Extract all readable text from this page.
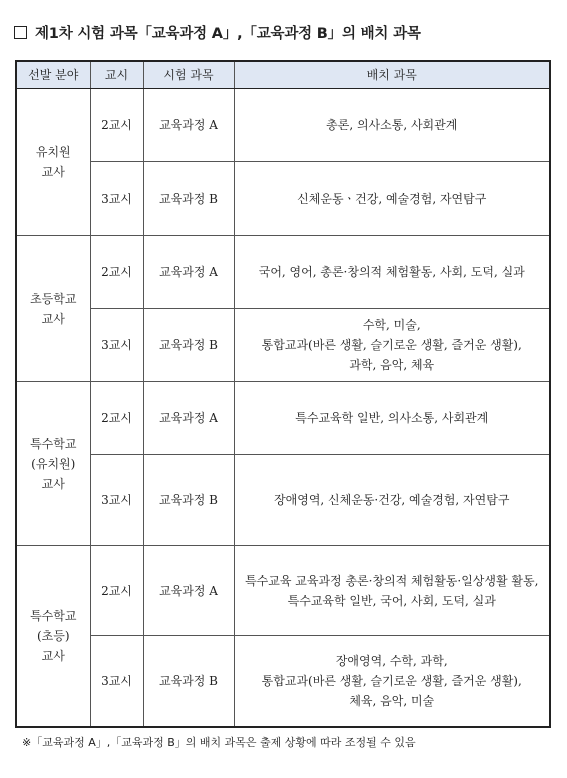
제1차 시험 과목「교육과정 A」,「교육과정 B」의 배치 과목
선발 분야	교시	시험 과목	배치 과목

유치원
교사	2교시	교육과정 A	총론, 의사소통, 사회관계

	3교시	교육과정 B	신체운동ㆍ건강, 예술경험, 자연탐구

초등학교
교사	2교시	교육과정 A	국어, 영어, 총론·창의적 체험활동, 사회, 도덕, 실과

	3교시	교육과정 B	수학, 미술,
통합교과(바른 생활, 슬기로운 생활, 즐거운 생활),
과학, 음악, 체육

특수학교
(유치원)
교사	2교시	교육과정 A	특수교육학 일반, 의사소통, 사회관계

	3교시	교육과정 B	장애영역, 신체운동·건강, 예술경험, 자연탐구

특수학교
(초등)
교사	2교시	교육과정 A	특수교육 교육과정 총론·창의적 체험활동·일상생활 활동,
특수교육학 일반, 국어, 사회, 도덕, 실과

	3교시	교육과정 B	장애영역, 수학, 과학,
통합교과(바른 생활, 슬기로운 생활, 즐거운 생활),
체육, 음악, 미술
※「교육과정 A」,「교육과정 B」의 배치 과목은 출제 상황에 따라 조정될 수 있음
